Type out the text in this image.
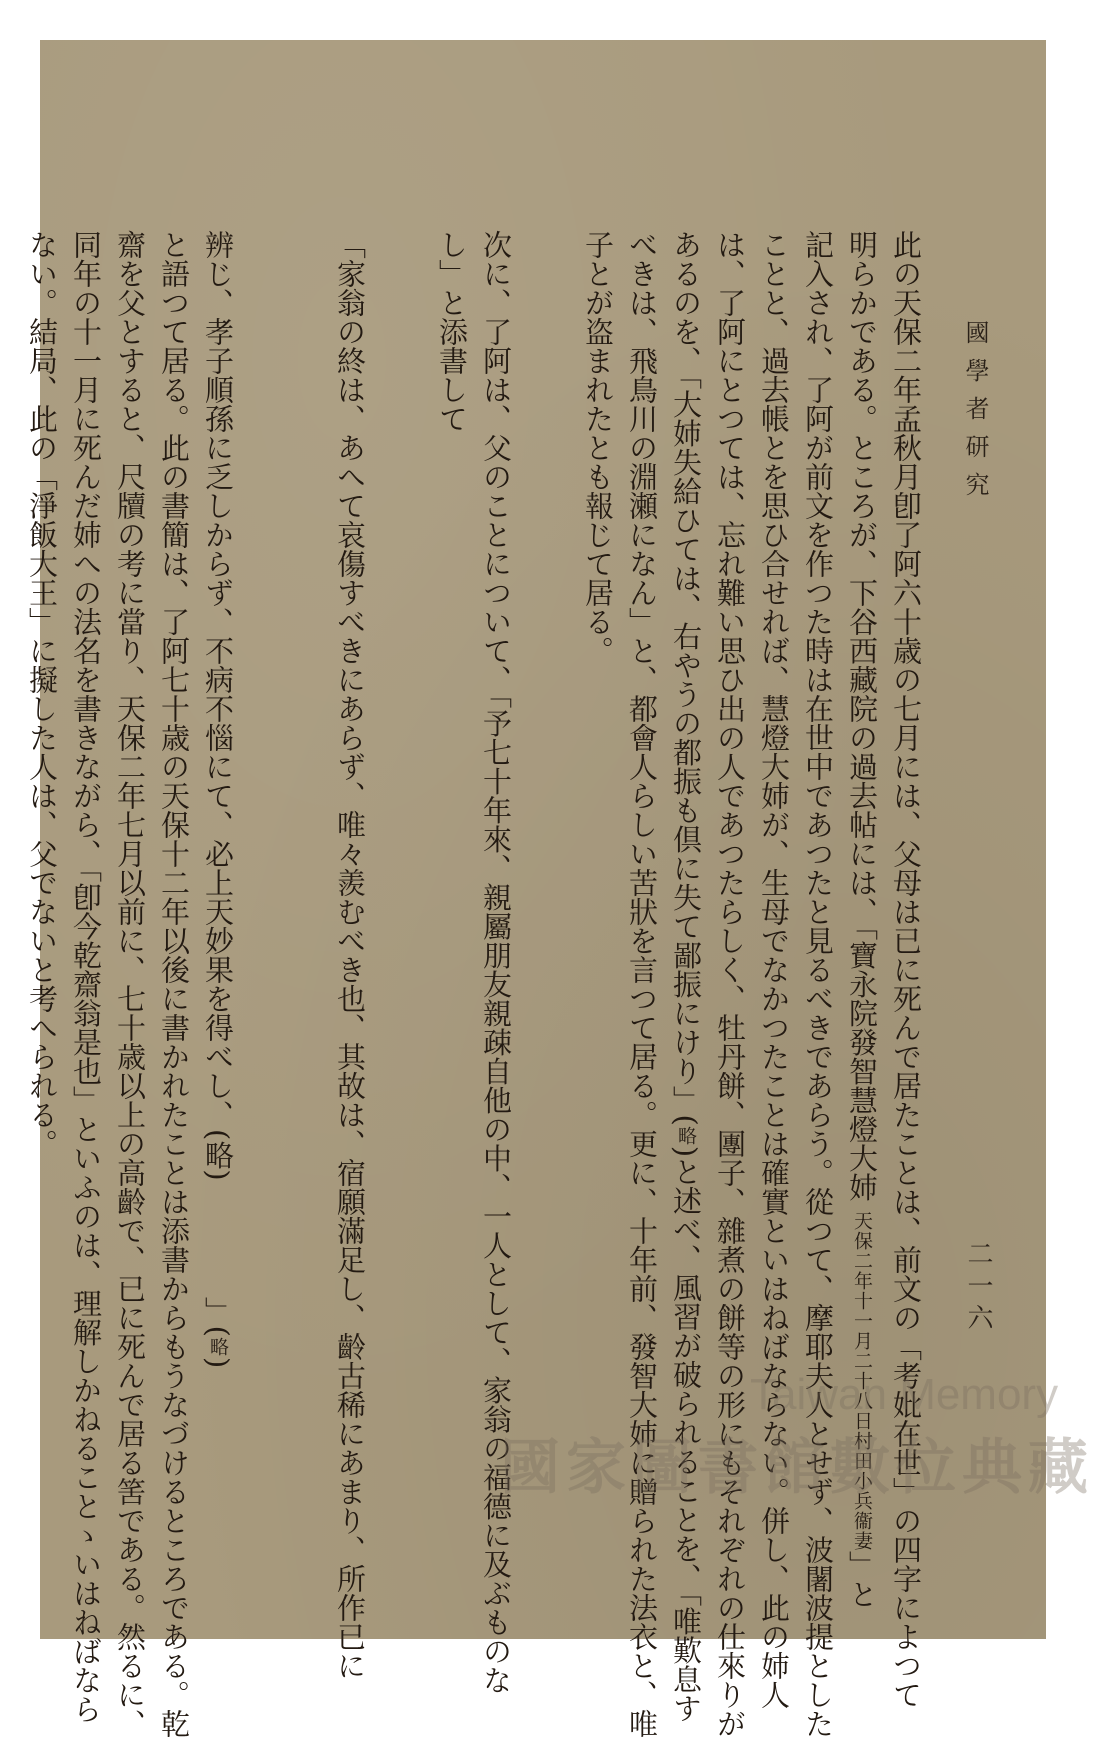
國學者研究
二一六
此の天保二年孟秋月卽了阿六十歳の七月には、父母は已に死んで居たことは、前文の「考妣在世」の四字によつて
明らかである。ところが、下谷西藏院の過去帖には、「寶永院發智慧燈大姉 天保二年十一月二十八日村田小兵衞妻」と
記入され、了阿が前文を作つた時は在世中であつたと見るべきであらう。從つて、摩耶夫人とせず、波闍波提とした
ことと、過去帳とを思ひ合せれば、慧燈大姉が、生母でなかつたことは確實といはねばならない。併し、此の姉人
は、了阿にとつては、忘れ難い思ひ出の人であつたらしく、牡丹餅、團子、雜煮の餅等の形にもそれぞれの仕來りが
あるのを、「大姉失給ひては、右やうの都振も倶に失て鄙振にけり」(略)と述べ、風習が破られることを、「唯歎息す
べきは、飛鳥川の淵瀬になん」と、都會人らしい苦狀を言つて居る。更に、十年前、發智大姉に贈られた法衣と、唯
子とが盗まれたとも報じて居る。
次に、了阿は、父のことについて、「予七十年來、親屬朋友親疎自他の中、一人として、家翁の福德に及ぶものな
し」と添書して
「家翁の終は、あへて哀傷すべきにあらず、唯々羨むべき也、其故は、宿願滿足し、齡古稀にあまり、所作已に
辨じ、孝子順孫に乏しからず、不病不惱にて、必上天妙果を得べし、(略)　　　　」(略)
と語つて居る。此の書簡は、了阿七十歳の天保十二年以後に書かれたことは添書からもうなづけるところである。乾
齋を父とすると、尺牘の考に當り、天保二年七月以前に、七十歳以上の高齡で、已に死んで居る筈である。然るに、
同年の十一月に死んだ姉への法名を書きながら、「卽今乾齋翁是也」といふのは、理解しかねることゝいはねばなら
ない。結局、此の「淨飯大王」に擬した人は、父でないと考へられる。
Taiwan Memory
國家圖書館數位典藏
